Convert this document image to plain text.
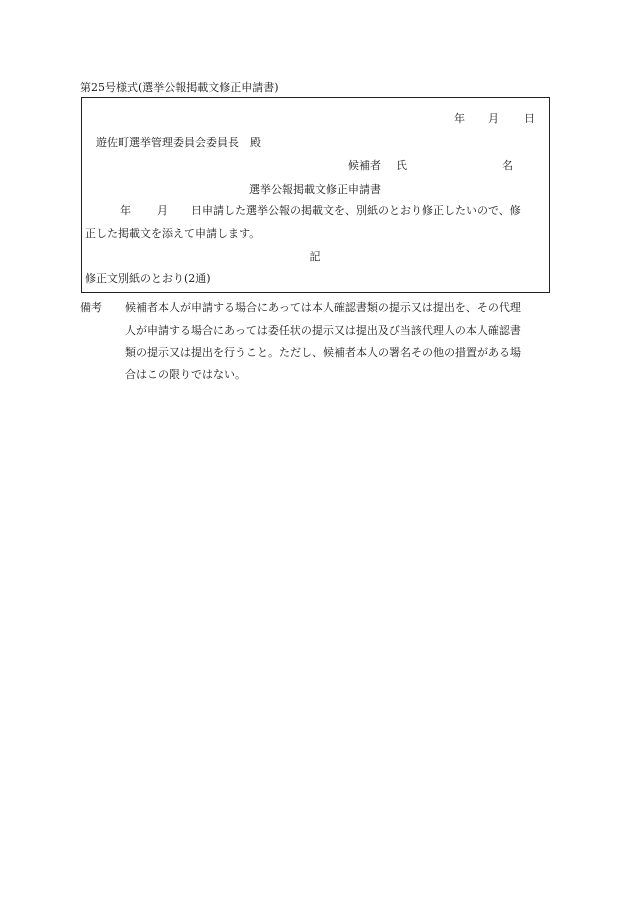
第25号様式(選挙公報掲載文修正申請書)
年 月 日
遊佐町選挙管理委員会委員長　殿
候補者 氏	名
選挙公報掲載文修正申請書
年 月 日申請した選挙公報の掲載文を、別紙のとおり修正したいので、修
正した掲載文を添えて申請します。
記
修正文別紙のとおり(2通)
備考 候補者本人が申請する場合にあっては本人確認書類の提示又は提出を、その代理
人が申請する場合にあっては委任状の提示又は提出及び当該代理人の本人確認書
類の提示又は提出を行うこと。ただし、候補者本人の署名その他の措置がある場
合はこの限りではない。
